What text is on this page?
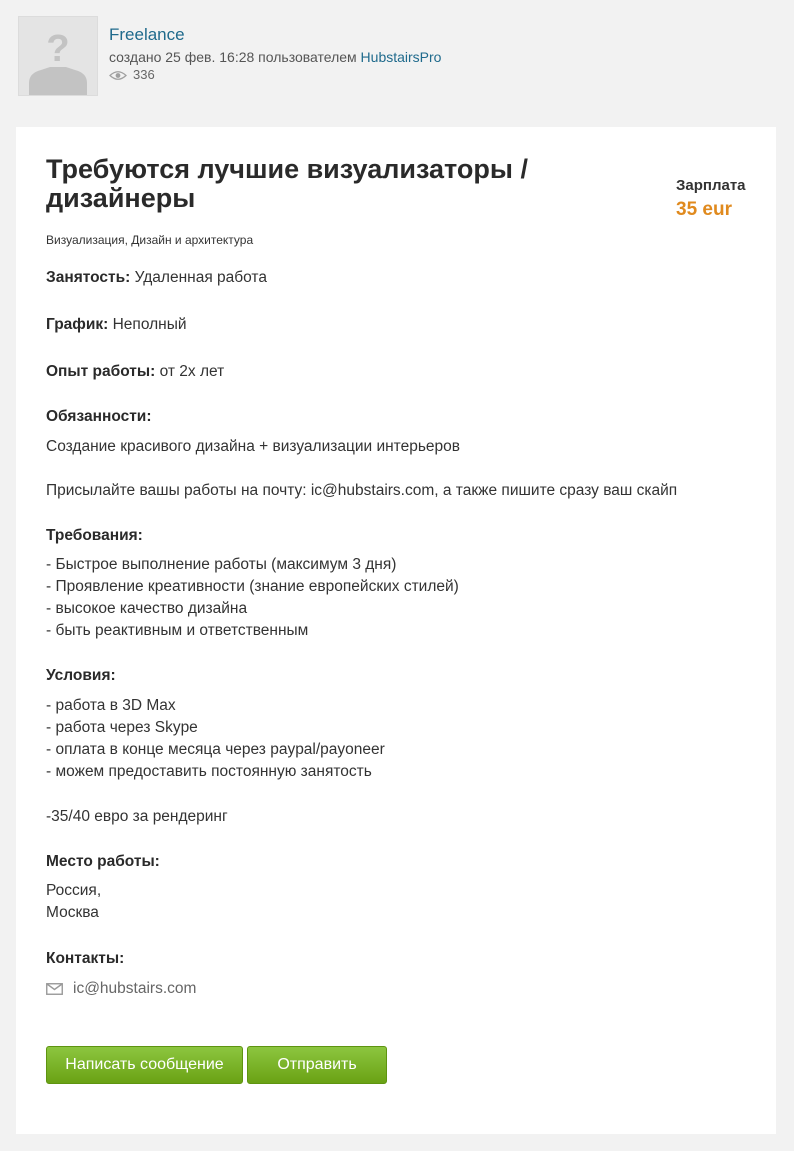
? Freelance
создано 25 фев. 16:28 пользователем HubstairsPro
336
Требуются лучшие визуализаторы / дизайнеры	Зарплата
35 eur
Визуализация, Дизайн и архитектура
Занятость: Удаленная работа
График: Неполный
Опыт работы: от 2х лет
Обязанности:
Создание красивого дизайна + визуализации интерьеров
Присылайте вашы работы на почту: ic@hubstairs.com, а также пишите сразу ваш скайп
Требования:
- Быстрое выполнение работы (максимум 3 дня)
- Проявление креативности (знание европейских стилей)
- высокое качество дизайна
- быть реактивным и ответственным
Условия:
- работа в 3D Max
- работа через Skype
- оплата в конце месяца через paypal/payoneer
- можем предоставить постоянную занятость
-35/40 евро за рендеринг
Место работы:
Россия,
Москва
Контакты:
ic@hubstairs.com
Написать сообщение	Отправить
